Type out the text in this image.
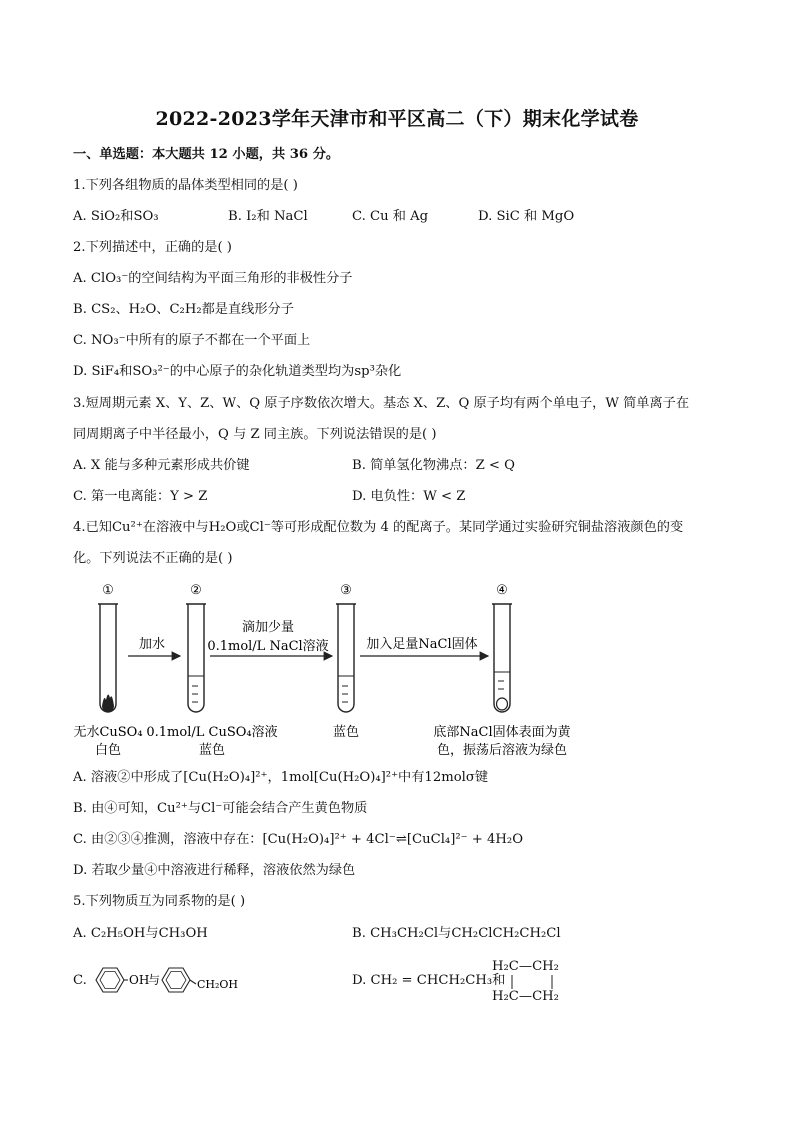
2022-2023学年天津市和平区高二（下）期末化学试卷
一、单选题：本大题共 12 小题，共 36 分。
1.下列各组物质的晶体类型相同的是( )
A. SiO₂和SO₃	B. I₂和 NaCl	C. Cu 和 Ag	D. SiC 和 MgO
2.下列描述中，正确的是( )
A. ClO₃⁻的空间结构为平面三角形的非极性分子
B. CS₂、H₂O、C₂H₂都是直线形分子
C. NO₃⁻中所有的原子不都在一个平面上
D. SiF₄和SO₃²⁻的中心原子的杂化轨道类型均为sp³杂化
3.短周期元素 X、Y、Z、W、Q 原子序数依次增大。基态 X、Z、Q 原子均有两个单电子，W 简单离子在
同周期离子中半径最小，Q 与 Z 同主族。下列说法错误的是( )
A. X 能与多种元素形成共价键	B. 简单氢化物沸点：Z < Q
C. 第一电离能：Y > Z	D. 电负性：W < Z
4.已知Cu²⁺在溶液中与H₂O或Cl⁻等可形成配位数为 4 的配离子。某同学通过实验研究铜盐溶液颜色的变
化。下列说法不正确的是( )
①	②	③	④
加水
滴加少量
0.1mol/L NaCl溶液	加入足量NaCl固体
无水CuSO₄
白色
0.1mol/L CuSO₄溶液
蓝色
蓝色	底部NaCl固体表面为黄
色，振荡后溶液为绿色
A. 溶液②中形成了[Cu(H₂O)₄]²⁺，1mol[Cu(H₂O)₄]²⁺中有12molσ键
B. 由④可知，Cu²⁺与Cl⁻可能会结合产生黄色物质
C. 由②③④推测，溶液中存在：[Cu(H₂O)₄]²⁺ + 4Cl⁻⇌[CuCl₄]²⁻ + 4H₂O
D. 若取少量④中溶液进行稀释，溶液依然为绿色
5.下列物质互为同系物的是( )
A. C₂H₅OH与CH₃OH	B. CH₃CH₂Cl与CH₂ClCH₂CH₂Cl
C.	OH
与	CH₂OH	D. CH₂ = CHCH₂CH₃和
H₂C—CH₂
H₂C—CH₂
